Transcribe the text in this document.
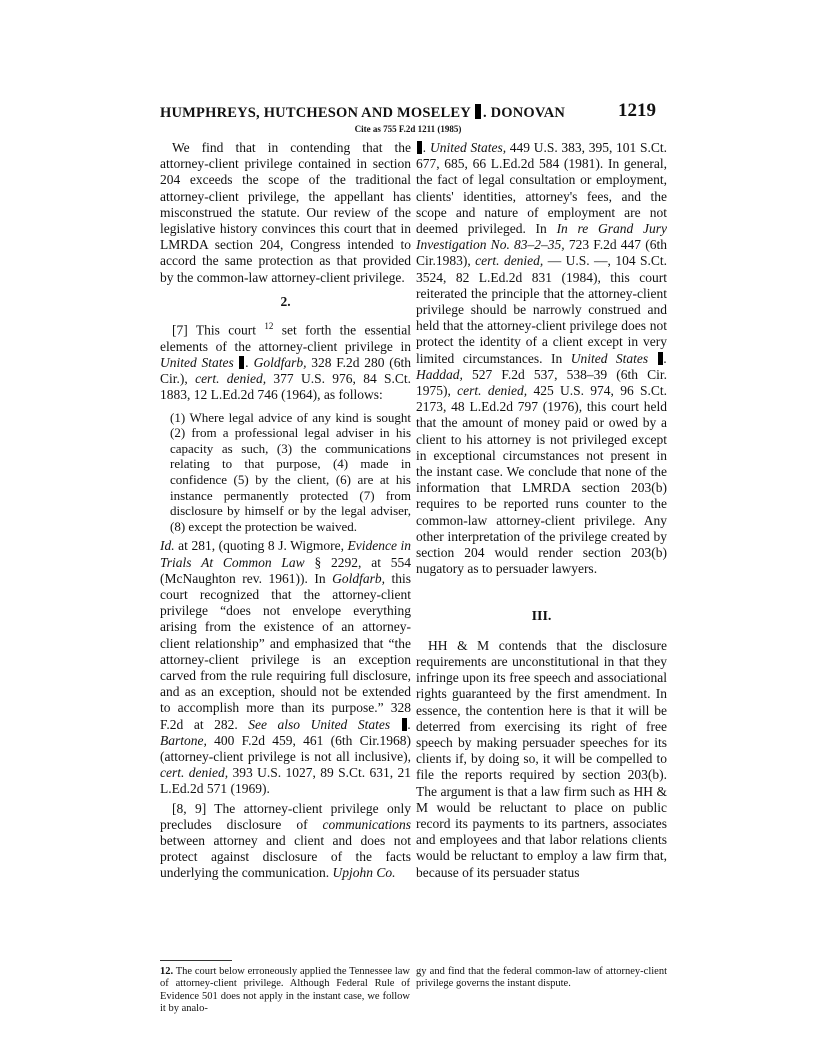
HUMPHREYS, HUTCHESON AND MOSELEY . DONOVAN	1219
Cite as 755 F.2d 1211 (1985)

We find that in contending that the attorney-client privilege contained in section 204 exceeds the scope of the traditional attorney-client privilege, the appellant has misconstrued the statute. Our review of the legislative history convinces this court that in LMRDA section 204, Congress intended to accord the same protection as that provided by the common-law attorney-client privilege.

2.

[7] This court $^{12}$ set forth the essential elements of the attorney-client privilege in United States . Goldfarb, 328 F.2d 280 (6th Cir.), cert. denied, 377 U.S. 976, 84 S.Ct. 1883, 12 L.Ed.2d 746 (1964), as follows:

(1) Where legal advice of any kind is sought (2) from a professional legal adviser in his capacity as such, (3) the communications relating to that purpose, (4) made in confidence (5) by the client, (6) are at his instance permanently protected (7) from disclosure by himself or by the legal adviser, (8) except the protection be waived.

Id. at 281, (quoting 8 J. Wigmore, Evidence in Trials At Common Law § 2292, at 554 (McNaughton rev. 1961)). In Goldfarb, this court recognized that the attorney-client privilege “does not envelope everything arising from the existence of an attorney-client relationship” and emphasized that “the attorney-client privilege is an exception carved from the rule requiring full disclosure, and as an exception, should not be extended to accomplish more than its purpose.” 328 F.2d at 282. See also United States . Bartone, 400 F.2d 459, 461 (6th Cir.1968) (attorney-client privilege is not all inclusive), cert. denied, 393 U.S. 1027, 89 S.Ct. 631, 21 L.Ed.2d 571 (1969).

[8, 9] The attorney-client privilege only precludes disclosure of communications between attorney and client and does not protect against disclosure of the facts underlying the communication. Upjohn Co.

. United States, 449 U.S. 383, 395, 101 S.Ct. 677, 685, 66 L.Ed.2d 584 (1981). In general, the fact of legal consultation or employment, clients' identities, attorney's fees, and the scope and nature of employment are not deemed privileged. In In re Grand Jury Investigation No. 83–2–35, 723 F.2d 447 (6th Cir.1983), cert. denied, — U.S. —, 104 S.Ct. 3524, 82 L.Ed.2d 831 (1984), this court reiterated the principle that the attorney-client privilege should be narrowly construed and held that the attorney-client privilege does not protect the identity of a client except in very limited circumstances. In United States . Haddad, 527 F.2d 537, 538–39 (6th Cir. 1975), cert. denied, 425 U.S. 974, 96 S.Ct. 2173, 48 L.Ed.2d 797 (1976), this court held that the amount of money paid or owed by a client to his attorney is not privileged except in exceptional circumstances not present in the instant case. We conclude that none of the information that LMRDA section 203(b) requires to be reported runs counter to the common-law attorney-client privilege. Any other interpretation of the privilege created by section 204 would render section 203(b) nugatory as to persuader lawyers.

III.

HH & M contends that the disclosure requirements are unconstitutional in that they infringe upon its free speech and associational rights guaranteed by the first amendment. In essence, the contention here is that it will be deterred from exercising its right of free speech by making persuader speeches for its clients if, by doing so, it will be compelled to file the reports required by section 203(b). The argument is that a law firm such as HH & M would be reluctant to place on public record its payments to its partners, associates and employees and that labor relations clients would be reluctant to employ a law firm that, because of its persuader status

12. The court below erroneously applied the Tennessee law of attorney-client privilege. Although Federal Rule of Evidence 501 does not apply in the instant case, we follow it by analo-
gy and find that the federal common-law of attorney-client privilege governs the instant dispute.
